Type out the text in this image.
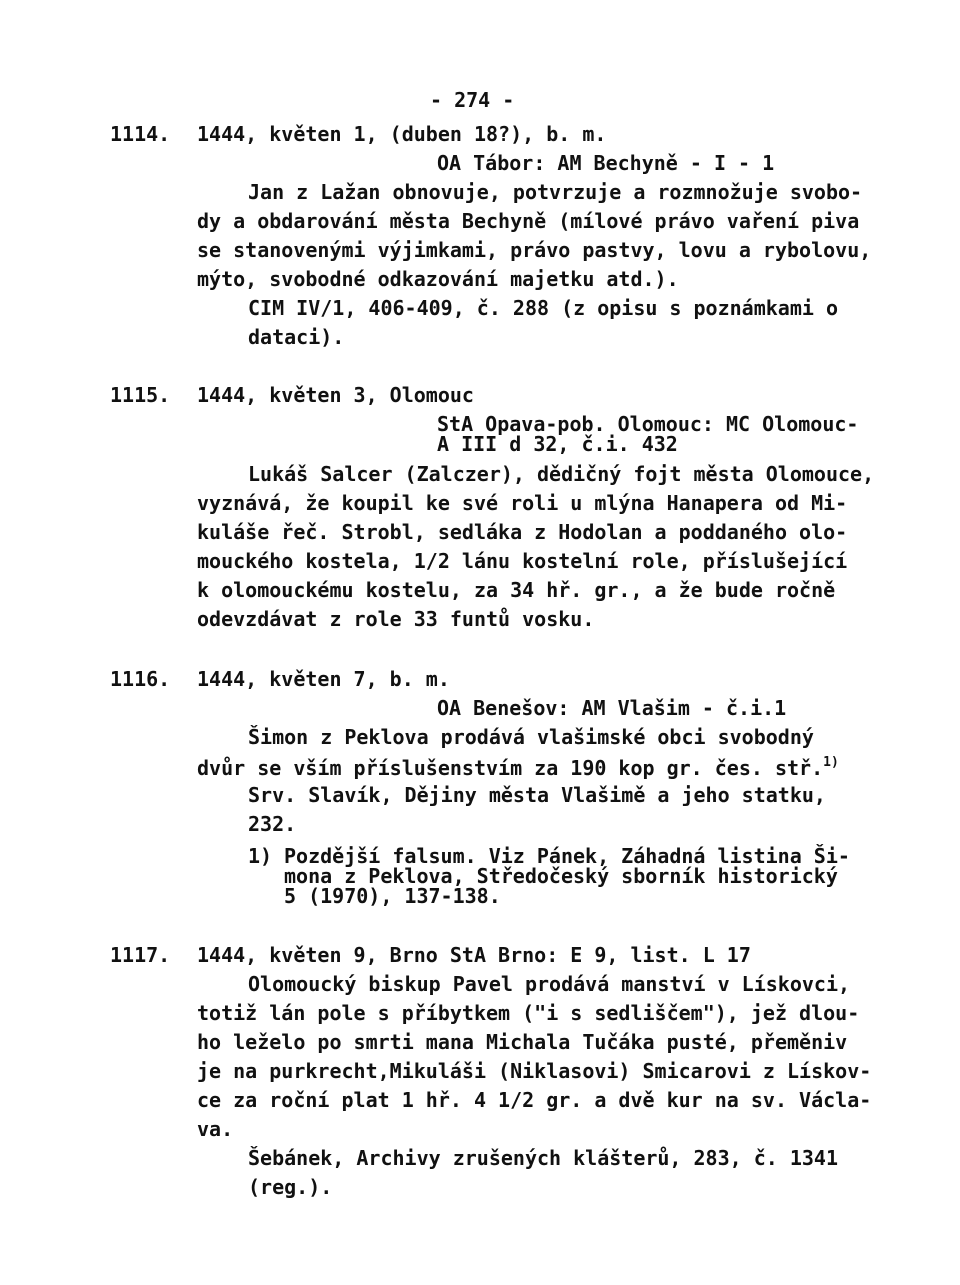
- 274 -
1114. 1444, květen 1, (duben 18?), b. m.
OA Tábor: AM Bechyně - I - 1
Jan z Lažan obnovuje, potvrzuje a rozmnožuje svobo-
dy a obdarování města Bechyně (mílové právo vaření piva
se stanovenými výjimkami, právo pastvy, lovu a rybolovu,
mýto, svobodné odkazování majetku atd.).
CIM IV/1, 406-409, č. 288 (z opisu s poznámkami o
dataci).
1115. 1444, květen 3, Olomouc
StA Opava-pob. Olomouc: MC Olomouc-
A III d 32, č.i. 432
Lukáš Salcer (Zalczer), dědičný fojt města Olomouce,
vyznává, že koupil ke své roli u mlýna Hanapera od Mi-
kuláše řeč. Strobl, sedláka z Hodolan a poddaného olo-
mouckého kostela, 1/2 lánu kostelní role, příslušející
k olomouckému kostelu, za 34 hř. gr., a že bude ročně
odevzdávat z role 33 funtů vosku.
1116. 1444, květen 7, b. m.
OA Benešov: AM Vlašim - č.i.1
Šimon z Peklova prodává vlašimské obci svobodný
dvůr se vším příslušenstvím za 190 kop gr. čes. stř.$^{1)}$
Srv. Slavík, Dějiny města Vlašimě a jeho statku,
232.
1) Pozdější falsum. Viz Pánek, Záhadná listina Ši-
mona z Peklova, Středočeský sborník historický
5 (1970), 137-138.
1117. 1444, květen 9, Brno StA Brno: E 9, list. L 17
Olomoucký biskup Pavel prodává manství v Lískovci,
totiž lán pole s příbytkem ("i s sedliščem"), jež dlou-
ho leželo po smrti mana Michala Tučáka pusté, přeměniv
je na purkrecht,Mikuláši (Niklasovi) Smicarovi z Lískov-
ce za roční plat 1 hř. 4 1/2 gr. a dvě kur na sv. Václa-
va.
Šebánek, Archivy zrušených klášterů, 283, č. 1341
(reg.).
